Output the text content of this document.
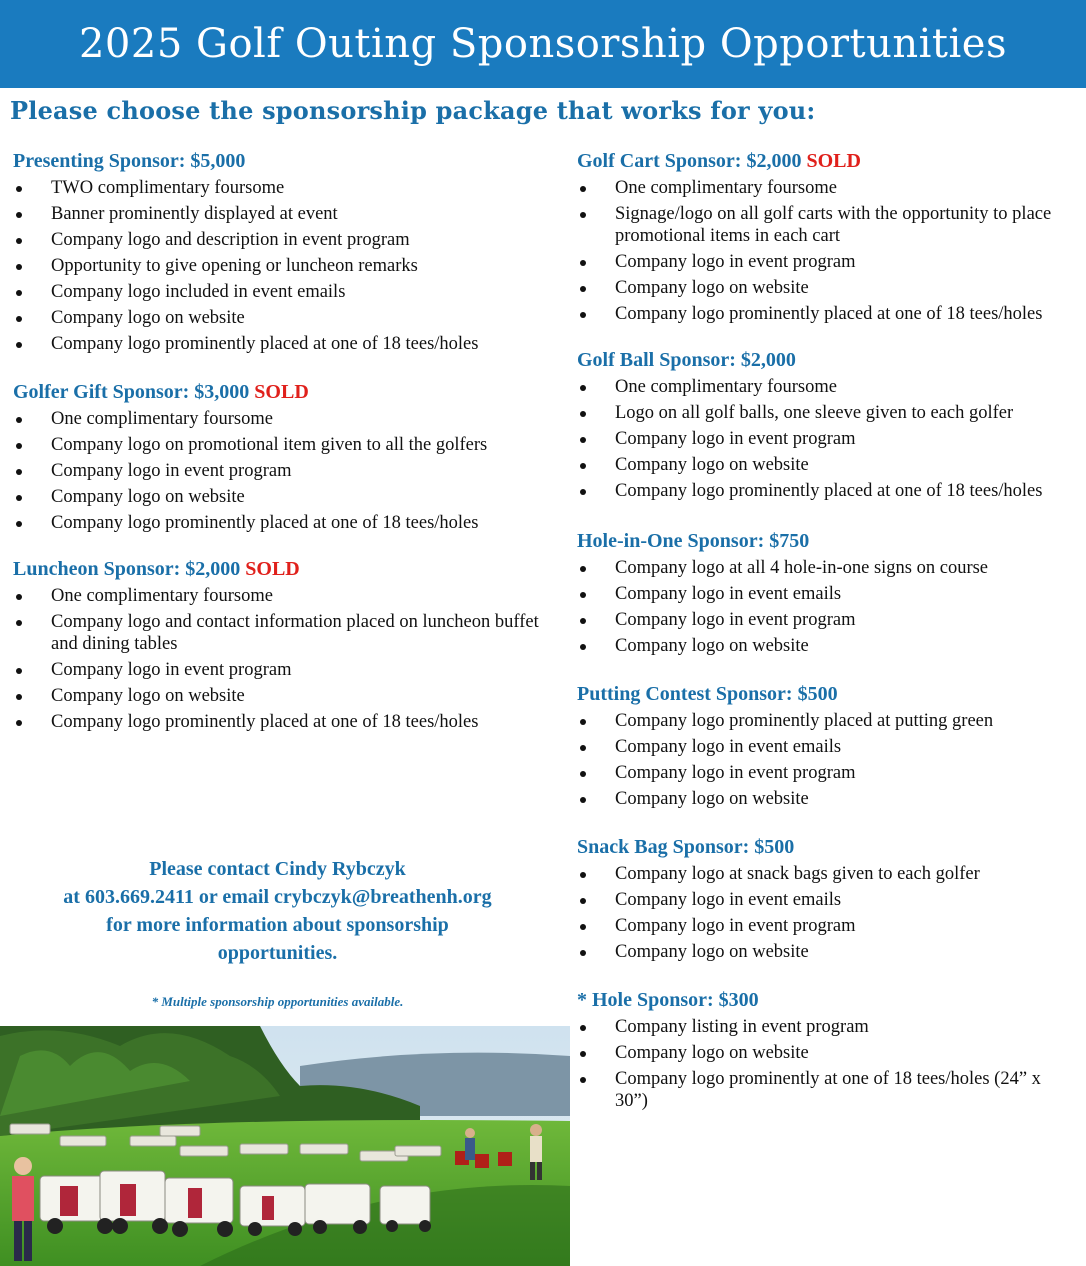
2025 Golf Outing Sponsorship Opportunities
Please choose the sponsorship package that works for you:
Presenting Sponsor: $5,000
TWO complimentary foursome
Banner prominently displayed at event
Company logo and description in event program
Opportunity to give opening or luncheon remarks
Company logo included in event emails
Company logo on website
Company logo prominently placed at one of 18 tees/holes
Golfer Gift Sponsor: $3,000 SOLD
One complimentary foursome
Company logo on promotional item given to all the golfers
Company logo in event program
Company logo on website
Company logo prominently placed at one of 18 tees/holes
Luncheon Sponsor: $2,000 SOLD
One complimentary foursome
Company logo and contact information placed on luncheon buffet and dining tables
Company logo in event program
Company logo on website
Company logo prominently placed at one of 18 tees/holes
Golf Cart Sponsor: $2,000 SOLD
One complimentary foursome
Signage/logo on all golf carts with the opportunity to place promotional items in each cart
Company logo in event program
Company logo on website
Company logo prominently placed at one of 18 tees/holes
Golf Ball Sponsor: $2,000
One complimentary foursome
Logo on all golf balls, one sleeve given to each golfer
Company logo in event program
Company logo on website
Company logo prominently placed at one of 18 tees/holes
Hole-in-One Sponsor: $750
Company logo at all 4 hole-in-one signs on course
Company logo in event emails
Company logo in event program
Company logo on website
Putting Contest Sponsor: $500
Company logo prominently placed at putting green
Company logo in event emails
Company logo in event program
Company logo on website
Snack Bag Sponsor: $500
Company logo at snack bags given to each golfer
Company logo in event emails
Company logo in event program
Company logo on website
* Hole Sponsor: $300
Company listing in event program
Company logo on website
Company logo prominently at one of 18 tees/holes (24” x 30”)
Please contact Cindy Rybczyk
at 603.669.2411 or email crybczyk@breathenh.org
for more information about sponsorship
opportunities.
* Multiple sponsorship opportunities available.
